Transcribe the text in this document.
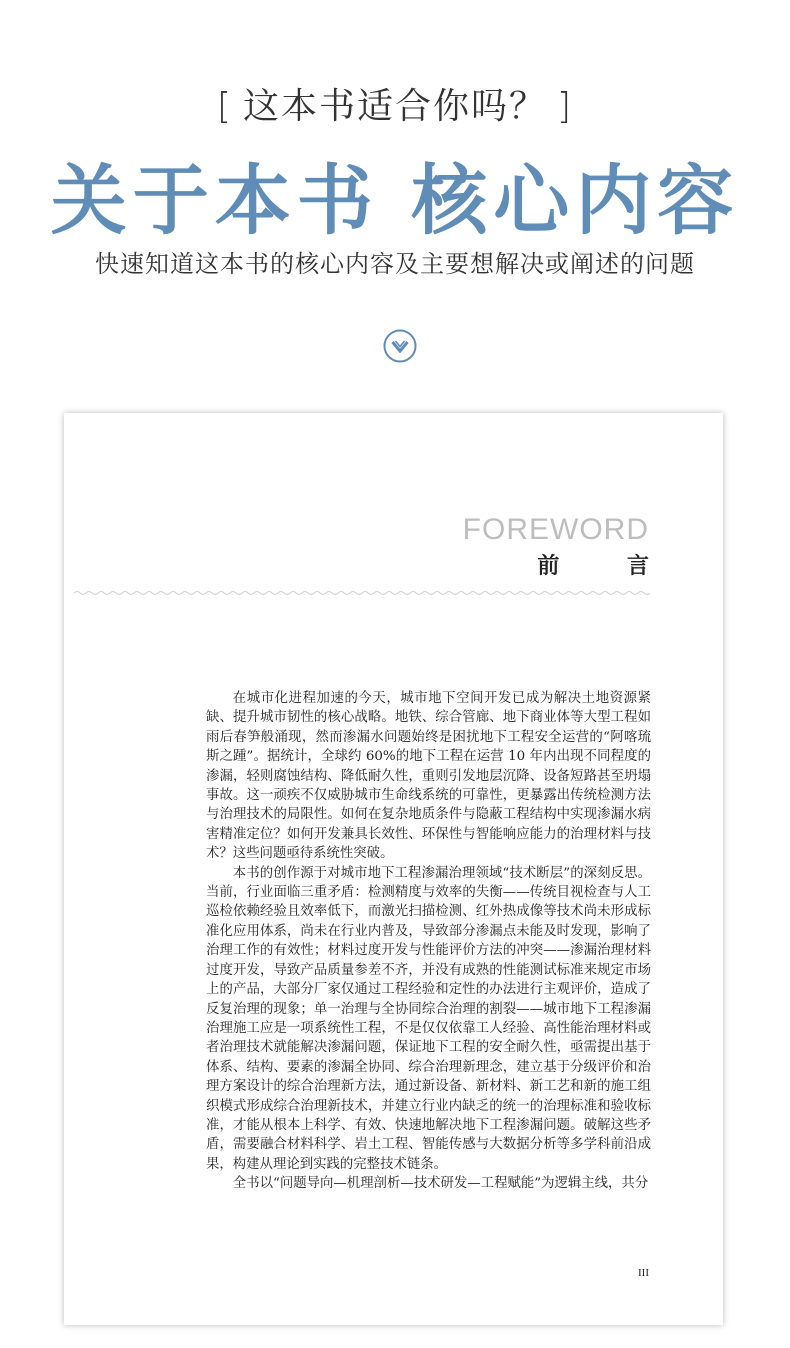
[ 这本书适合你吗？ ]
关于本书 核心内容
快速知道这本书的核心内容及主要想解决或阐述的问题
FOREWORD
前 言

在城市化进程加速的今天，城市地下空间开发已成为解决土地资源紧缺、提升城市韧性的核心战略。地铁、综合管廊、地下商业体等大型工程如雨后春笋般涌现，然而渗漏水问题始终是困扰地下工程安全运营的“阿喀琉斯之踵”。据统计，全球约 60%的地下工程在运营 10 年内出现不同程度的渗漏，轻则腐蚀结构、降低耐久性，重则引发地层沉降、设备短路甚至坍塌事故。这一顽疾不仅威胁城市生命线系统的可靠性，更暴露出传统检测方法与治理技术的局限性。如何在复杂地质条件与隐蔽工程结构中实现渗漏水病害精准定位？如何开发兼具长效性、环保性与智能响应能力的治理材料与技术？这些问题亟待系统性突破。

本书的创作源于对城市地下工程渗漏治理领域“技术断层”的深刻反思。当前，行业面临三重矛盾：检测精度与效率的失衡——传统目视检查与人工巡检依赖经验且效率低下，而激光扫描检测、红外热成像等技术尚未形成标准化应用体系，尚未在行业内普及，导致部分渗漏点未能及时发现，影响了治理工作的有效性；材料过度开发与性能评价方法的冲突——渗漏治理材料过度开发，导致产品质量参差不齐，并没有成熟的性能测试标准来规定市场上的产品，大部分厂家仅通过工程经验和定性的办法进行主观评价，造成了反复治理的现象；单一治理与全协同综合治理的割裂——城市地下工程渗漏治理施工应是一项系统性工程，不是仅仅依靠工人经验、高性能治理材料或者治理技术就能解决渗漏问题，保证地下工程的安全耐久性，亟需提出基于体系、结构、要素的渗漏全协同、综合治理新理念，建立基于分级评价和治理方案设计的综合治理新方法，通过新设备、新材料、新工艺和新的施工组织模式形成综合治理新技术，并建立行业内缺乏的统一的治理标准和验收标准，才能从根本上科学、有效、快速地解决地下工程渗漏问题。破解这些矛盾，需要融合材料科学、岩土工程、智能传感与大数据分析等多学科前沿成果，构建从理论到实践的完整技术链条。

全书以“问题导向—机理剖析—技术研发—工程赋能”为逻辑主线，共分

III
